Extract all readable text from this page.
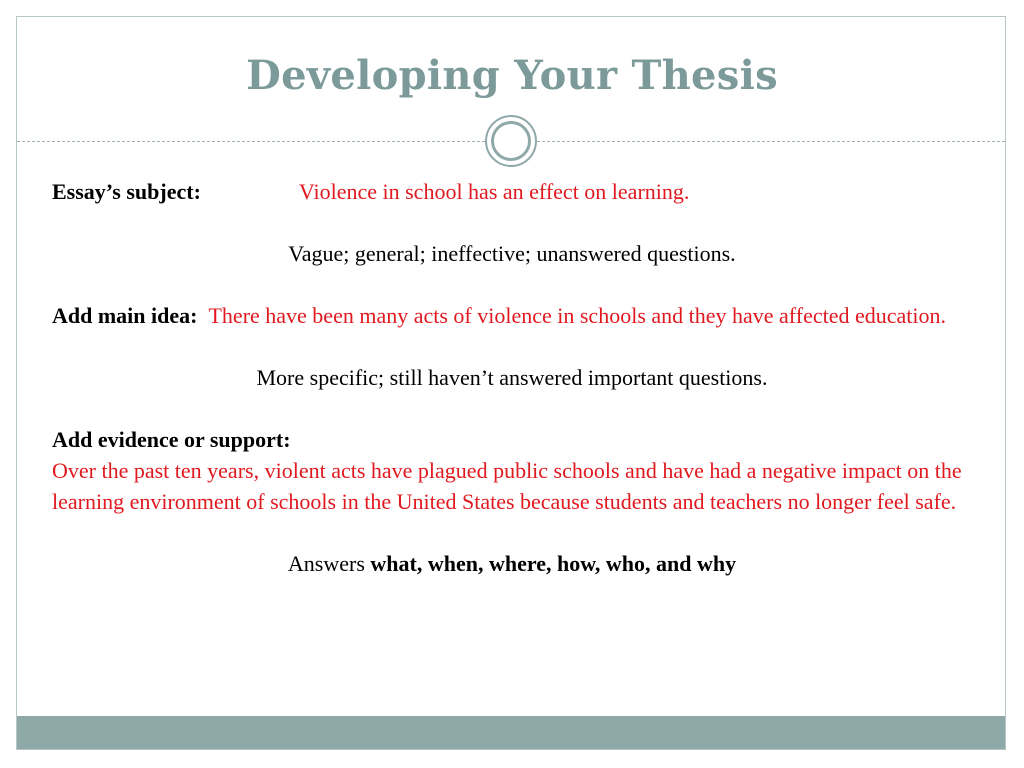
Developing Your Thesis

Essay’s subject:	Violence in school has an effect on learning.

Vague; general; ineffective; unanswered questions.

Add main idea: There have been many acts of violence in schools and they have affected education.

More specific; still haven’t answered important questions.

Add evidence or support:

Over the past ten years, violent acts have plagued public schools and have had a negative impact on the learning environment of schools in the United States because students and teachers no longer feel safe.

Answers what, when, where, how, who, and why
